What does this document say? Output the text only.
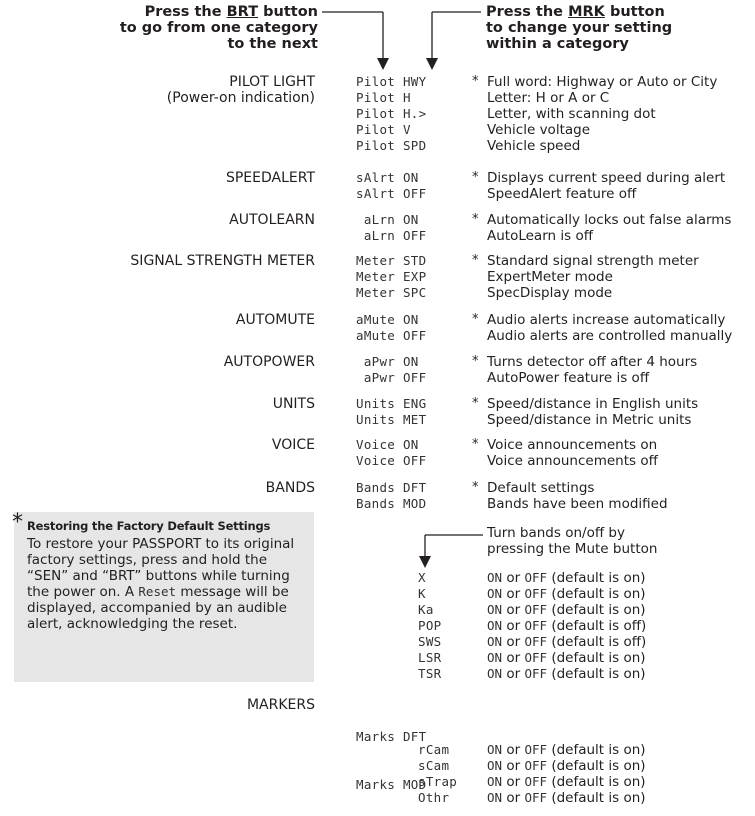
Press the BRT button
to go from one category
to the next
Press the MRK button
to change your setting
within a category
PILOT LIGHT
(Power-on indication)
Pilot HWY	* Full word: Highway or Auto or City
Pilot H	Letter: H or A or C
Pilot H.>	Letter, with scanning dot
Pilot V	Vehicle voltage
Pilot SPD	Vehicle speed
SPEEDALERT	sAlrt ON	* Displays current speed during alert
sAlrt OFF	SpeedAlert feature off
AUTOLEARN	aLrn ON	* Automatically locks out false alarms
aLrn OFF	AutoLearn is off
SIGNAL STRENGTH METER	Meter STD	* Standard signal strength meter
Meter EXP	ExpertMeter mode
Meter SPC	SpecDisplay mode
AUTOMUTE	aMute ON	* Audio alerts increase automatically
aMute OFF	Audio alerts are controlled manually
AUTOPOWER	aPwr ON	* Turns detector off after 4 hours
aPwr OFF	AutoPower feature is off
UNITS	Units ENG	* Speed/distance in English units
Units MET	Speed/distance in Metric units
VOICE	Voice ON	* Voice announcements on
Voice OFF	Voice announcements off
BANDS	Bands DFT	* Default settings
Bands MOD	Bands have been modified
Turn bands on/off by
pressing the Mute button
X	ON or OFF (default is on)
K	ON or OFF (default is on)
Ka	ON or OFF (default is on)
POP	ON or OFF (default is off)
SWS	ON or OFF (default is off)
LSR	ON or OFF (default is on)
TSR	ON or OFF (default is on)
MARKERS

Marks DFT

Marks MOD

rCam	ON or OFF (default is on)
sCam	ON or OFF (default is on)
sTrap ON or OFF (default is on)
Othr	ON or OFF (default is on)
* Restoring the Factory Default Settings
To restore your PASSPORT to its original factory settings, press and hold the “SEN” and “BRT” buttons while turning the power on. A Reset message will be displayed, accompanied by an audible alert, acknowledging the reset.
